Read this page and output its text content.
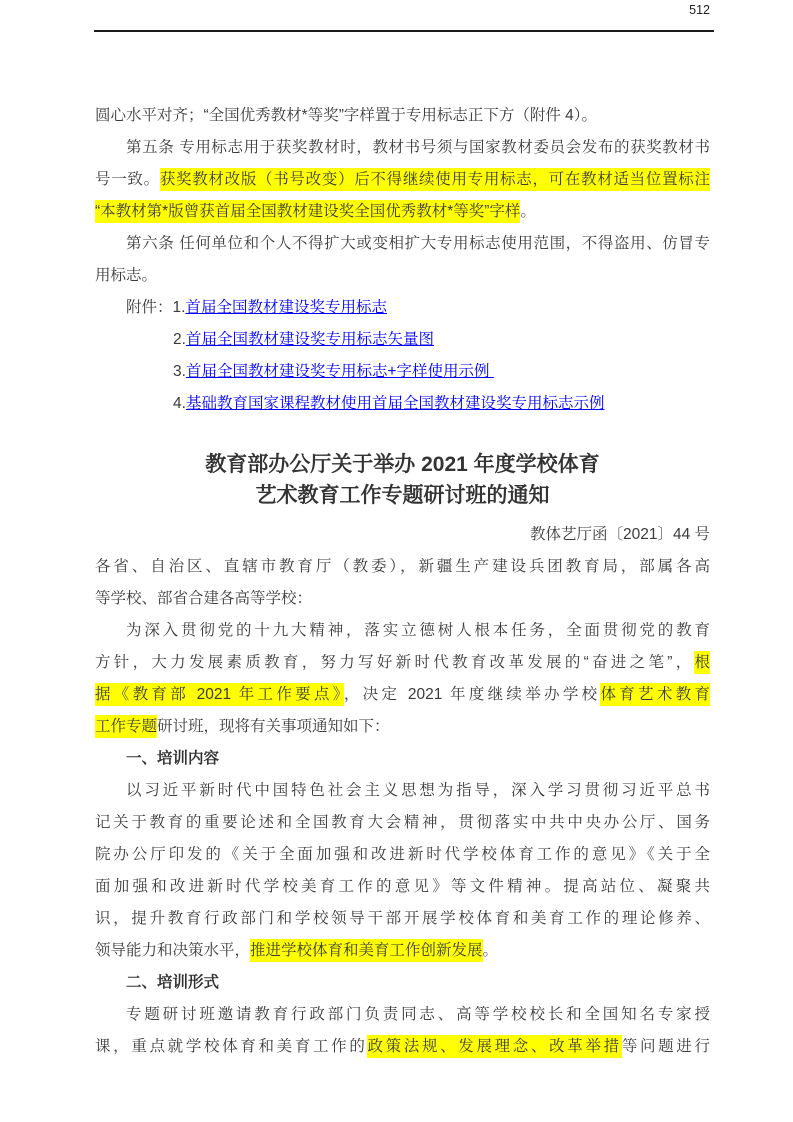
512
圆心水平对齐；“全国优秀教材*等奖”字样置于专用标志正下方（附件 4）。
第五条 专用标志用于获奖教材时，教材书号须与国家教材委员会发布的获奖教材书
号一致。获奖教材改版（书号改变）后不得继续使用专用标志，可在教材适当位置标注
“本教材第*版曾获首届全国教材建设奖全国优秀教材*等奖”字样。
第六条 任何单位和个人不得扩大或变相扩大专用标志使用范围，不得盗用、仿冒专
用标志。
附件：1.首届全国教材建设奖专用标志
2.首届全国教材建设奖专用标志矢量图
3.首届全国教材建设奖专用标志+字样使用示例
4.基础教育国家课程教材使用首届全国教材建设奖专用标志示例
教育部办公厅关于举办 2021 年度学校体育
艺术教育工作专题研讨班的通知
教体艺厅函〔2021〕44 号
各省、自治区、直辖市教育厅（教委），新疆生产建设兵团教育局，部属各高
等学校、部省合建各高等学校：
为深入贯彻党的十九大精神，落实立德树人根本任务，全面贯彻党的教育
方针，大力发展素质教育，努力写好新时代教育改革发展的“奋进之笔”，根
据《教育部 2021 年工作要点》，决定 2021 年度继续举办学校体育艺术教育
工作专题研讨班，现将有关事项通知如下：
一、培训内容
以习近平新时代中国特色社会主义思想为指导，深入学习贯彻习近平总书
记关于教育的重要论述和全国教育大会精神，贯彻落实中共中央办公厅、国务
院办公厅印发的《关于全面加强和改进新时代学校体育工作的意见》《关于全
面加强和改进新时代学校美育工作的意见》等文件精神。提高站位、凝聚共
识，提升教育行政部门和学校领导干部开展学校体育和美育工作的理论修养、
领导能力和决策水平，推进学校体育和美育工作创新发展。
二、培训形式
专题研讨班邀请教育行政部门负责同志、高等学校校长和全国知名专家授
课，重点就学校体育和美育工作的政策法规、发展理念、改革举措等问题进行
